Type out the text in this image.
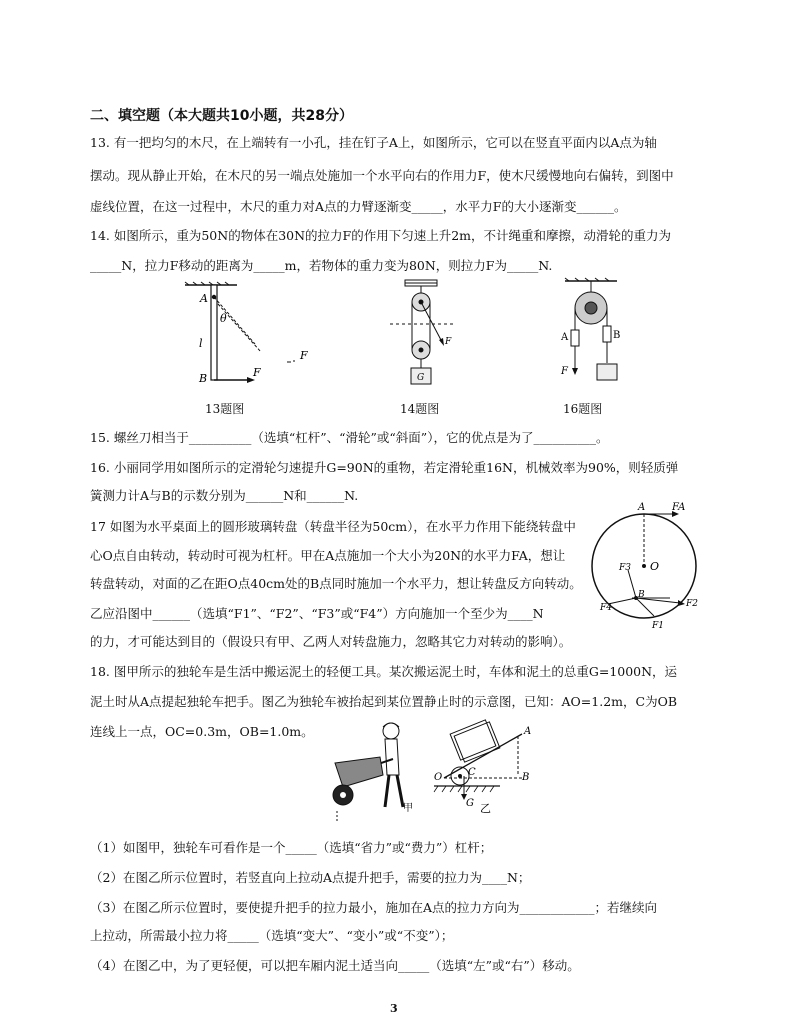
二、填空题（本大题共10小题，共28分）
13. 有一把均匀的木尺，在上端转有一小孔，挂在钉子A上，如图所示，它可以在竖直平面内以A点为轴
摆动。现从静止开始，在木尺的另一端点处施加一个水平向右的作用力F，使木尺缓慢地向右偏转，到图中
虚线位置，在这一过程中，木尺的重力对A点的力臂逐渐变_____，水平力F的大小逐渐变______。
14. 如图所示，重为50N的物体在30N的拉力F的作用下匀速上升2m，不计绳重和摩擦，动滑轮的重力为
_____N，拉力F移动的距离为_____m，若物体的重力变为80N，则拉力F为_____N.
A
θ
l
B	F
F
13题图
F
G
14题图
A	B
F
16题图
15. 螺丝刀相当于__________（选填“杠杆”、“滑轮”或“斜面”），它的优点是为了__________。
16. 小丽同学用如图所示的定滑轮匀速提升G=90N的重物，若定滑轮重16N，机械效率为90%，则轻质弹
簧测力计A与B的示数分别为______N和______N.
17 如图为水平桌面上的圆形玻璃转盘（转盘半径为50cm），在水平力作用下能绕转盘中
心O点自由转动，转动时可视为杠杆。甲在A点施加一个大小为20N的水平力FA，想让
转盘转动，对面的乙在距O点40cm处的B点同时施加一个水平力，想让转盘反方向转动。
乙应沿图中______（选填“F1”、“F2”、“F3”或“F4”）方向施加一个至少为____N
的力，才可能达到目的（假设只有甲、乙两人对转盘施力，忽略其它力对转动的影响）。
A	FA
O
F3
F4
B
F2
F1
18. 图甲所示的独轮车是生活中搬运泥土的轻便工具。某次搬运泥土时，车体和泥土的总重G=1000N，运
泥土时从A点提起独轮车把手。图乙为独轮车被抬起到某位置静止时的示意图，已知：AO=1.2m，C为OB
连线上一点，OC=0.3m，OB=1.0m。
甲
O	C	B
A
G 乙
（1）如图甲，独轮车可看作是一个_____（选填“省力”或“费力”）杠杆；
（2）在图乙所示位置时，若竖直向上拉动A点提升把手，需要的拉力为____N；
（3）在图乙所示位置时，要使提升把手的拉力最小，施加在A点的拉力方向为____________；若继续向
上拉动，所需最小拉力将_____（选填“变大”、“变小”或“不变”）；
（4）在图乙中，为了更轻便，可以把车厢内泥土适当向_____（选填“左”或“右”）移动。
3
